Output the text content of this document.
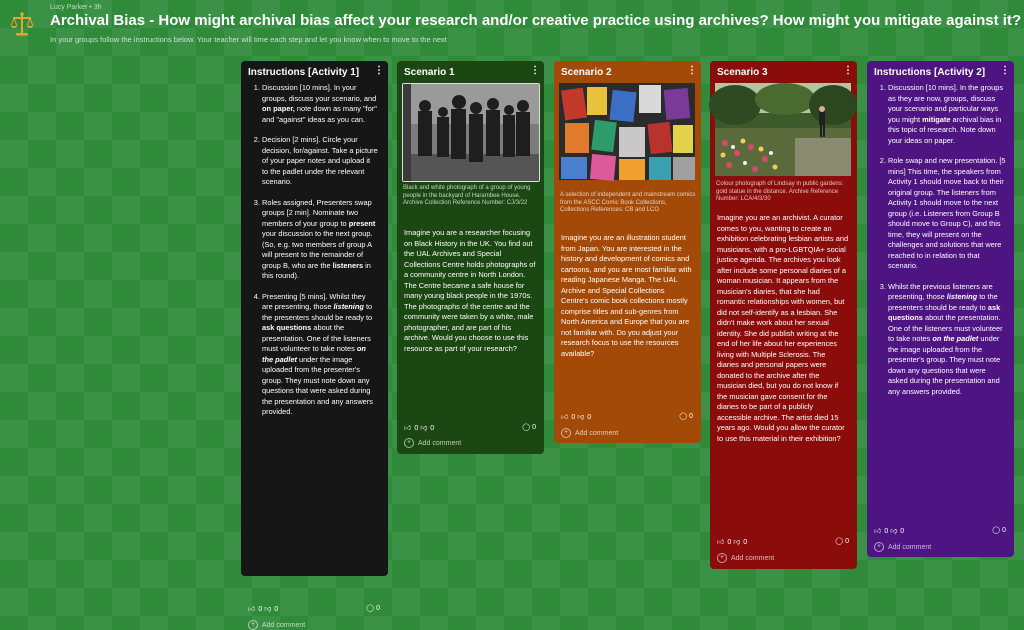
Lucy Parker • 3h
Archival Bias - How might archival bias affect your research and/or creative practice using archives? How might you mitigate against it?
In your groups follow the instructions below. Your teacher will time each step and let you know when to move to the next
Instructions [Activity 1] ⋮
1. Discussion [10 mins]. In your groups, discuss your scenario, and on paper, note down as many "for" and "against" ideas as you can.
2. Decision [2 mins]. Circle your decision, for/against. Take a picture of your paper notes and upload it to the padlet under the relevant scenario.
3. Roles assigned, Presenters swap groups [2 min]. Nominate two members of your group to present your discussion to the next group. (So, e.g. two members of group A will present to the remainder of group B, who are the listeners in this round).
4. Presenting [5 mins]. Whilst they are presenting, those listening to the presenters should be ready to ask questions about the presentation. One of the listeners must volunteer to take notes on the padlet under the image uploaded from the presenter's group. They must note down any questions that were asked during the presentation and any answers provided.
👍︎ 0 👎︎ 0	◯ 0
+ Add comment
Scenario 1	⋮
Black and white photograph of a group of young people in the backyard of Harambee House. Archive Collection Reference Number: CJ/3/22
Imagine you are a researcher focusing on Black History in the UK. You find out the UAL Archives and Special Collections Centre holds photographs of a community centre in North London. The Centre became a safe house for many young black people in the 1970s. The photographs of the centre and the community were taken by a white, male photographer, and are part of his archive. Would you choose to use this resource as part of your research?
👍︎ 0 👎︎ 0	◯ 0
+ Add comment
Scenario 2	⋮
A selection of independent and mainstream comics from the ASCC Comic Book Collections, Collections References: CB and LCO
Imagine you are an illustration student from Japan. You are interested in the history and development of comics and cartoons, and you are most familiar with reading Japanese Manga. The UAL Archive and Special Collections Centre's comic book collections mostly comprise titles and sub-genres from North America and Europe that you are not familiar with. Do you adjust your research focus to use the resources available?
👍︎ 0 👎︎ 0	◯ 0
+ Add comment
Scenario 3	⋮
Colour photograph of Lindsay in public gardens: gold statue in the distance. Archive Reference Number: LCA/4/3/30
Imagine you are an archivist. A curator comes to you, wanting to create an exhibition celebrating lesbian artists and musicians, with a pro-LGBTQIA+ social justice agenda. The archives you look after include some personal diaries of a woman musician. It appears from the musician's diaries, that she had romantic relationships with women, but did not self-identify as a lesbian. She didn't make work about her sexual identity. She did publish writing at the end of her life about her experiences living with Multiple Sclerosis. The diaries and personal papers were donated to the archive after the musician died, but you do not know if the musician gave consent for the diaries to be part of a publicly accessible archive. The artist died 15 years ago. Would you allow the curator to use this material in their exhibition?
👍︎ 0 👎︎ 0	◯ 0
+ Add comment
Instructions [Activity 2] ⋮
1. Discussion [10 mins]. In the groups as they are now, groups, discuss your scenario and particular ways you might mitigate archival bias in this topic of research. Note down your ideas on paper.
2. Role swap and new presentation. [5 mins] This time, the speakers from Activity 1 should move back to their original group. The listeners from Activity 1 should move to the next group (i.e. Listeners from Group B should move to Group C), and this time, they will present on the challenges and solutions that were reached to in relation to that scenario.
3. Whilst the previous listeners are presenting, those listening to the presenters should be ready to ask questions about the presentation. One of the listeners must volunteer to take notes on the padlet under the image uploaded from the presenter's group. They must note down any questions that were asked during the presentation and any answers provided.
👍︎ 0 👎︎ 0	◯ 0
+ Add comment
